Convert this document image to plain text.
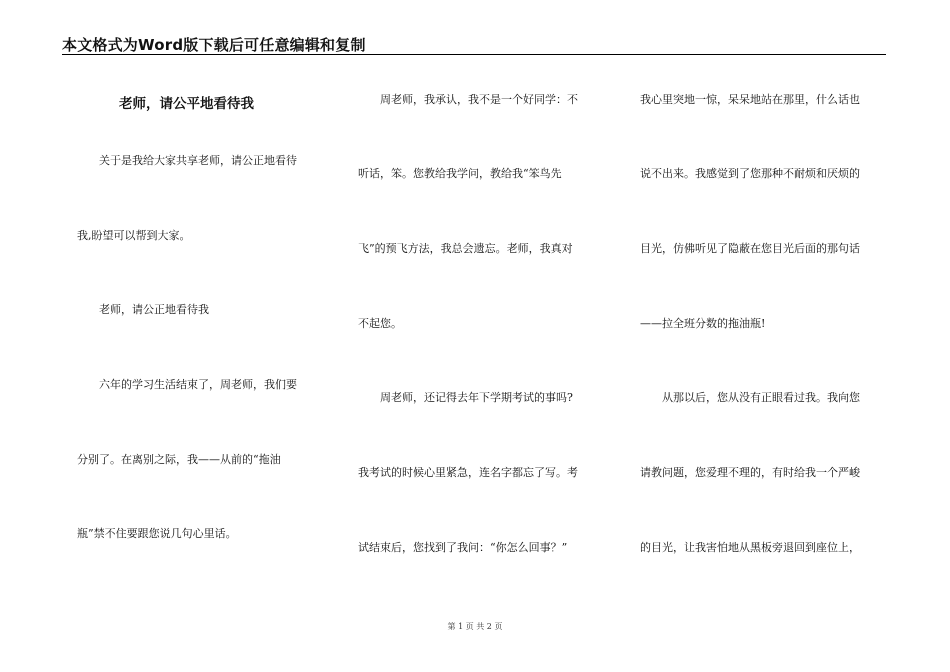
本文格式为Word版下载后可任意编辑和复制
老师，请公平地看待我
关于是我给大家共享老师，请公正地看待
我,盼望可以帮到大家。
老师，请公正地看待我
六年的学习生活结束了，周老师，我们要
分别了。在离别之际，我——从前的“拖油
瓶”禁不住要跟您说几句心里话。
周老师，我承认，我不是一个好同学：不
听话，笨。您教给我学问，教给我“笨鸟先
飞”的预飞方法，我总会遗忘。老师，我真对
不起您。
周老师，还记得去年下学期考试的事吗?
我考试的时候心里紧急，连名字都忘了写。考
试结束后，您找到了我问：“你怎么回事？”
我心里突地一惊，呆呆地站在那里，什么话也
说不出来。我感觉到了您那种不耐烦和厌烦的
目光，仿佛听见了隐蔽在您目光后面的那句话
——拉全班分数的拖油瓶!
从那以后，您从没有正眼看过我。我向您
请教问题，您爱理不理的，有时给我一个严峻
的目光，让我害怕地从黑板旁退回到座位上，
第 1 页 共 2 页
